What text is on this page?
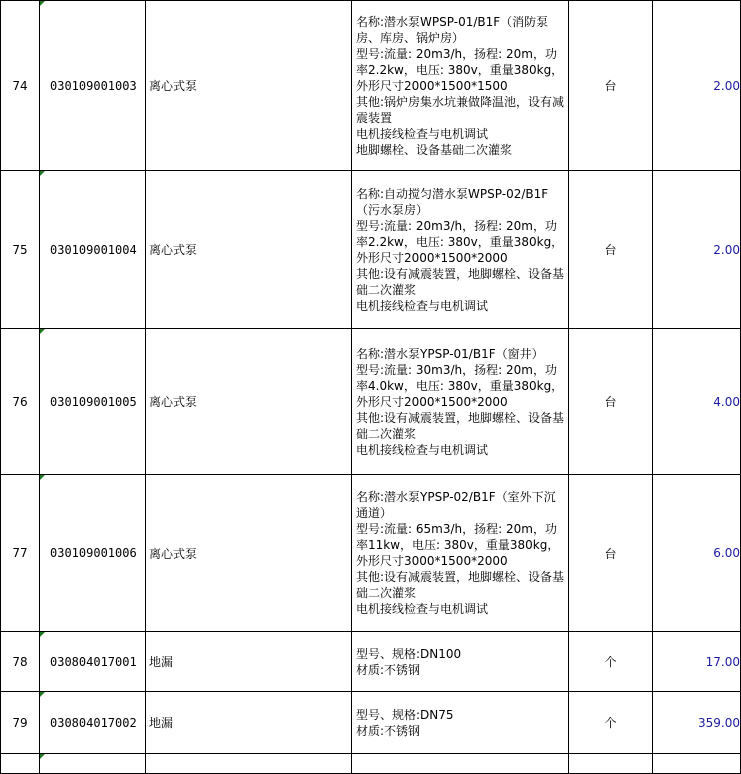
74	030109001003	离心式泵	名称:潜水泵WPSP-01/B1F（消防泵房、库房、锅炉房）
型号:流量: 20m3/h，扬程: 20m，功率2.2kw，电压: 380v，重量380kg，外形尺寸2000*1500*1500
其他:锅炉房集水坑兼做降温池，设有减震装置
电机接线检查与电机调试
地脚螺栓、设备基础二次灌浆	台	2.00
75	030109001004	离心式泵	名称:自动搅匀潜水泵WPSP-02/B1F（污水泵房）
型号:流量: 20m3/h，扬程: 20m，功率2.2kw，电压: 380v，重量380kg，外形尺寸2000*1500*2000
其他:设有减震装置，地脚螺栓、设备基础二次灌浆
电机接线检查与电机调试	台	2.00
76	030109001005	离心式泵	名称:潜水泵YPSP-01/B1F（窗井）
型号:流量: 30m3/h，扬程: 20m，功率4.0kw，电压: 380v，重量380kg，外形尺寸2000*1500*2000
其他:设有减震装置，地脚螺栓、设备基础二次灌浆
电机接线检查与电机调试	台	4.00
77	030109001006	离心式泵	名称:潜水泵YPSP-02/B1F（室外下沉通道）
型号:流量: 65m3/h，扬程: 20m，功率11kw，电压: 380v，重量380kg，外形尺寸3000*1500*2000
其他:设有减震装置，地脚螺栓、设备基础二次灌浆
电机接线检查与电机调试	台	6.00
78	030804017001	地漏	型号、规格:DN100
材质:不锈钢	个	17.00
79	030804017002	地漏	型号、规格:DN75
材质:不锈钢	个	359.00
